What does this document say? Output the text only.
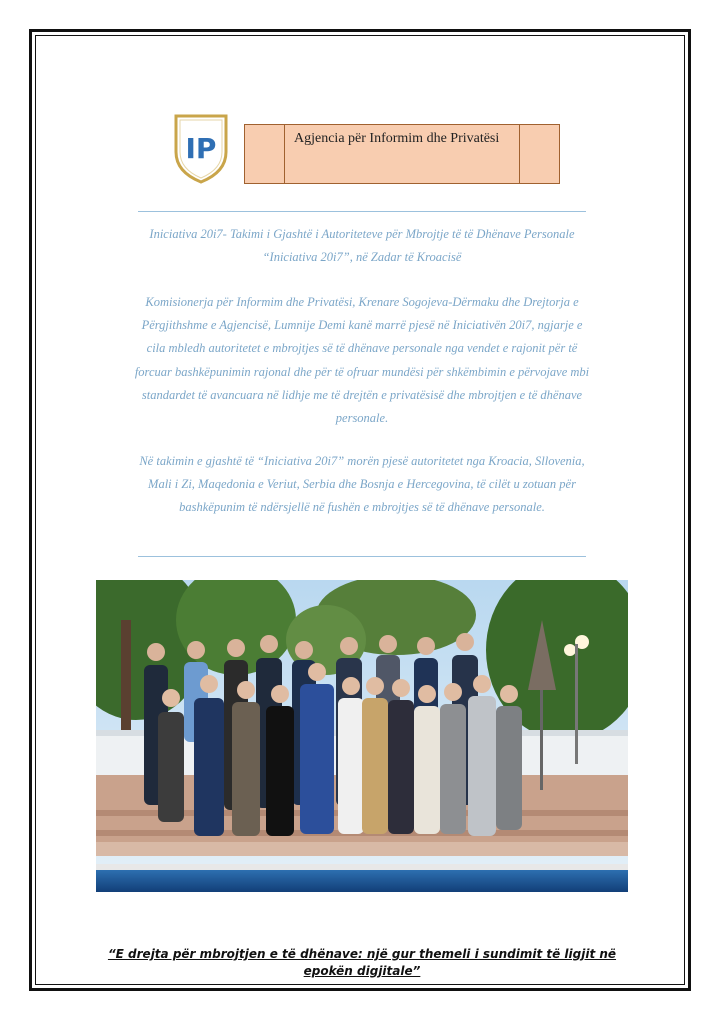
IP	Agjencia për Informim dhe Privatësi
Iniciativa 20i7- Takimi i Gjashtë i Autoriteteve për Mbrojtje të të Dhënave Personale “Iniciativa 20i7”, në Zadar të Kroacisë
Komisionerja për Informim dhe Privatësi, Krenare Sogojeva-Dërmaku dhe Drejtorja e Përgjithshme e Agjencisë, Lumnije Demi kanë marrë pjesë në Iniciativën 20i7, ngjarje e cila mbledh autoritetet e mbrojtjes së të dhënave personale nga vendet e rajonit për të forcuar bashkëpunimin rajonal dhe për të ofruar mundësi për shkëmbimin e përvojave mbi standardet të avancuara në lidhje me të drejtën e privatësisë dhe mbrojtjen e të dhënave personale.
Në takimin e gjashtë të “Iniciativa 20i7” morën pjesë autoritetet nga Kroacia, Sllovenia, Mali i Zi, Maqedonia e Veriut, Serbia dhe Bosnja e Hercegovina, të cilët u zotuan për bashkëpunim të ndërsjellë në fushën e mbrojtjes së të dhënave personale.
“E drejta për mbrojtjen e të dhënave: një gur themeli i sundimit të ligjit në epokën digjitale”
